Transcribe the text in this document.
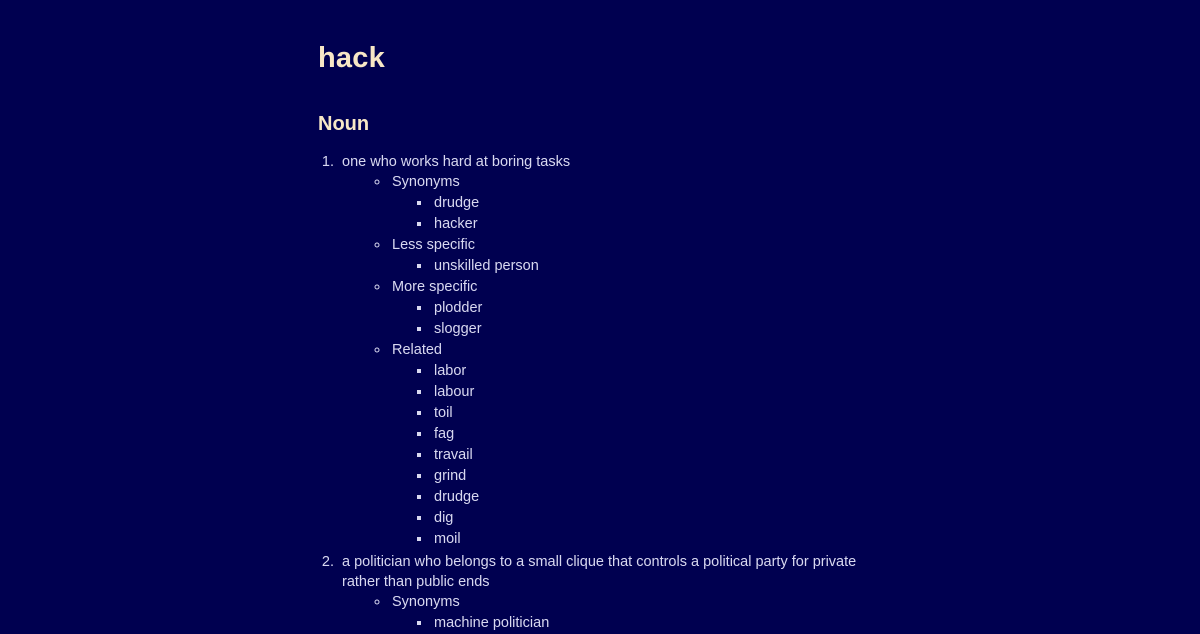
hack
Noun
1. one who works hard at boring tasks
◦ Synonyms
▪ drudge
▪ hacker
◦ Less specific
▪ unskilled person
◦ More specific
▪ plodder
▪ slogger
◦ Related
▪ labor
▪ labour
▪ toil
▪ fag
▪ travail
▪ grind
▪ drudge
▪ dig
▪ moil
2. a politician who belongs to a small clique that controls a political party for private rather than public ends
◦ Synonyms
▪ machine politician
